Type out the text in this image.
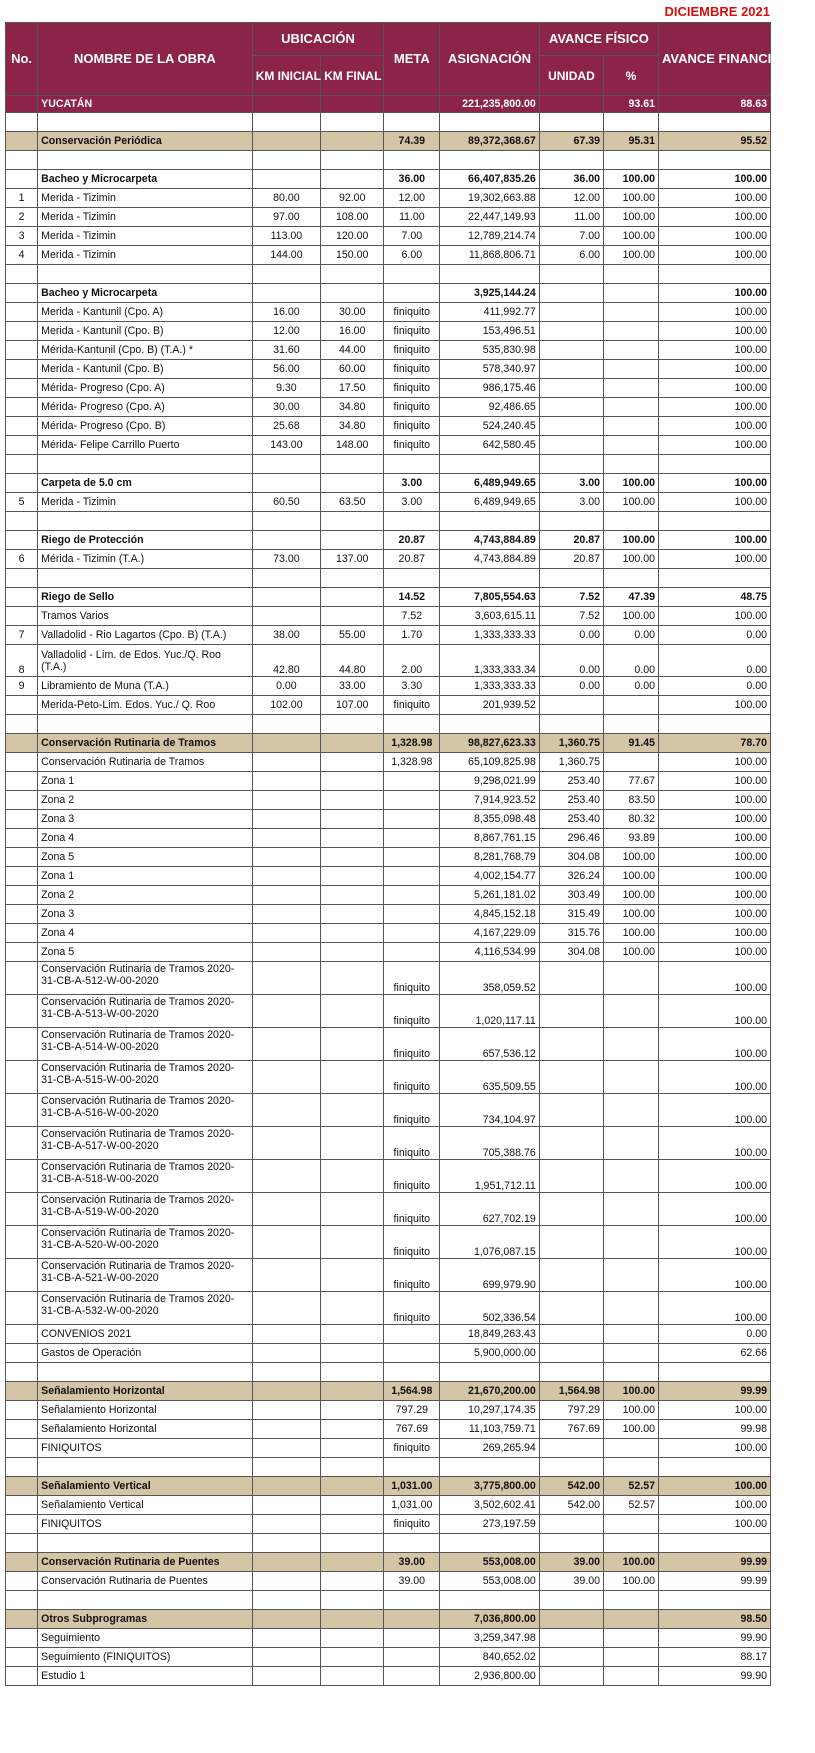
DICIEMBRE 2021
No.	NOMBRE DE LA OBRA	UBICACIÓN		META	ASIGNACIÓN	AVANCE FÍSICO		AVANCE FINANCIERO %
		KM INICIAL	KM FINAL			UNIDAD	%	
	YUCATÁN				221,235,800.00		93.61	88.63

	Conservación Periódica			74.39	89,372,368.67	67.39	95.31	95.52

	Bacheo y Microcarpeta			36.00	66,407,835.26	36.00	100.00	100.00
1	Merida - Tizimin	80.00	92.00	12.00	19,302,663.88	12.00	100.00	100.00
2	Merida - Tizimin	97.00	108.00	11.00	22,447,149.93	11.00	100.00	100.00
3	Merida - Tizimin	113.00	120.00	7.00	12,789,214.74	7.00	100.00	100.00
4	Merida - Tizimin	144.00	150.00	6.00	11,868,806.71	6.00	100.00	100.00

	Bacheo y Microcarpeta				3,925,144.24			100.00
	Merida - Kantunil (Cpo. A)	16.00	30.00	finiquito	411,992.77			100.00
	Merida - Kantunil (Cpo. B)	12.00	16.00	finiquito	153,496.51			100.00
	Mérida-Kantunil (Cpo. B) (T.A.) *	31.60	44.00	finiquito	535,830.98			100.00
	Merida - Kantunil (Cpo. B)	56.00	60.00	finiquito	578,340.97			100.00
	Mérida- Progreso (Cpo. A)	9.30	17.50	finiquito	986,175.46			100.00
	Mérida- Progreso (Cpo. A)	30.00	34.80	finiquito	92,486.65			100.00
	Mérida- Progreso (Cpo. B)	25.68	34.80	finiquito	524,240.45			100.00
	Mérida- Felipe Carrillo Puerto	143.00	148.00	finiquito	642,580.45			100.00

	Carpeta de 5.0 cm			3.00	6,489,949.65	3.00	100.00	100.00
5	Merida - Tizimin	60.50	63.50	3.00	6,489,949.65	3.00	100.00	100.00

	Riego de Protección			20.87	4,743,884.89	20.87	100.00	100.00
6	Mérida - Tizimin (T.A.)	73.00	137.00	20.87	4,743,884.89	20.87	100.00	100.00

	Riego de Sello			14.52	7,805,554.63	7.52	47.39	48.75
	Tramos Varios			7.52	3,603,615.11	7.52	100.00	100.00
7	Valladolid - Rio Lagartos (Cpo. B) (T.A.)	38.00	55.00	1.70	1,333,333.33	0.00	0.00	0.00
8	Valladolid - Lím. de Edos. Yuc./Q. Roo (T.A.)	42.80	44.80	2.00	1,333,333.34	0.00	0.00	0.00
9	Libramiento de Muna (T.A.)	0.00	33.00	3.30	1,333,333.33	0.00	0.00	0.00
	Merida-Peto-Lim. Edos. Yuc./ Q. Roo	102.00	107.00	finiquito	201,939.52			100.00

	Conservación Rutinaria de Tramos			1,328.98	98,827,623.33	1,360.75	91.45	78.70
	Conservación Rutinaria de Tramos			1,328.98	65,109,825.98	1,360.75		100.00
	Zona 1				9,298,021.99	253.40	77.67	100.00
	Zona 2				7,914,923.52	253.40	83.50	100.00
	Zona 3				8,355,098.48	253.40	80.32	100.00
	Zona 4				8,867,761.15	296.46	93.89	100.00
	Zona 5				8,281,768.79	304.08	100.00	100.00
	Zona 1				4,002,154.77	326.24	100.00	100.00
	Zona 2				5,261,181.02	303.49	100.00	100.00
	Zona 3				4,845,152.18	315.49	100.00	100.00
	Zona 4				4,167,229.09	315.76	100.00	100.00
	Zona 5				4,116,534.99	304.08	100.00	100.00
	Conservación Rutinaria de Tramos 2020-31-CB-A-512-W-00-2020			finiquito	358,059.52			100.00
	Conservación Rutinaria de Tramos 2020-31-CB-A-513-W-00-2020			finiquito	1,020,117.11			100.00
	Conservación Rutinaria de Tramos 2020-31-CB-A-514-W-00-2020			finiquito	657,536.12			100.00
	Conservación Rutinaria de Tramos 2020-31-CB-A-515-W-00-2020			finiquito	635,509.55			100.00
	Conservación Rutinaria de Tramos 2020-31-CB-A-516-W-00-2020			finiquito	734,104.97			100.00
	Conservación Rutinaria de Tramos 2020-31-CB-A-517-W-00-2020			finiquito	705,388.76			100.00
	Conservación Rutinaria de Tramos 2020-31-CB-A-518-W-00-2020			finiquito	1,951,712.11			100.00
	Conservación Rutinaria de Tramos 2020-31-CB-A-519-W-00-2020			finiquito	627,702.19			100.00
	Conservación Rutinaria de Tramos 2020-31-CB-A-520-W-00-2020			finiquito	1,076,087.15			100.00
	Conservación Rutinaria de Tramos 2020-31-CB-A-521-W-00-2020			finiquito	699,979.90			100.00
	Conservación Rutinaria de Tramos 2020-31-CB-A-532-W-00-2020			finiquito	502,336.54			100.00
	CONVENIOS 2021				18,849,263.43			0.00
	Gastos de Operación				5,900,000.00			62.66

	Señalamiento Horizontal			1,564.98	21,670,200.00	1,564.98	100.00	99.99
	Señalamiento Horizontal			797.29	10,297,174.35	797.29	100.00	100.00
	Señalamiento Horizontal			767.69	11,103,759.71	767.69	100.00	99.98
	FINIQUITOS			finiquito	269,265.94			100.00

	Señalamiento Vertical			1,031.00	3,775,800.00	542.00	52.57	100.00
	Señalamiento Vertical			1,031.00	3,502,602.41	542.00	52.57	100.00
	FINIQUITOS			finiquito	273,197.59			100.00

	Conservación Rutinaria de Puentes			39.00	553,008.00	39.00	100.00	99.99
	Conservación Rutinaria de Puentes			39.00	553,008.00	39.00	100.00	99.99

	Otros Subprogramas				7,036,800.00			98.50
	Seguimiento				3,259,347.98			99.90
	Seguimiento (FINIQUITOS)				840,652.02			88.17
	Estudio 1				2,936,800.00			99.90
